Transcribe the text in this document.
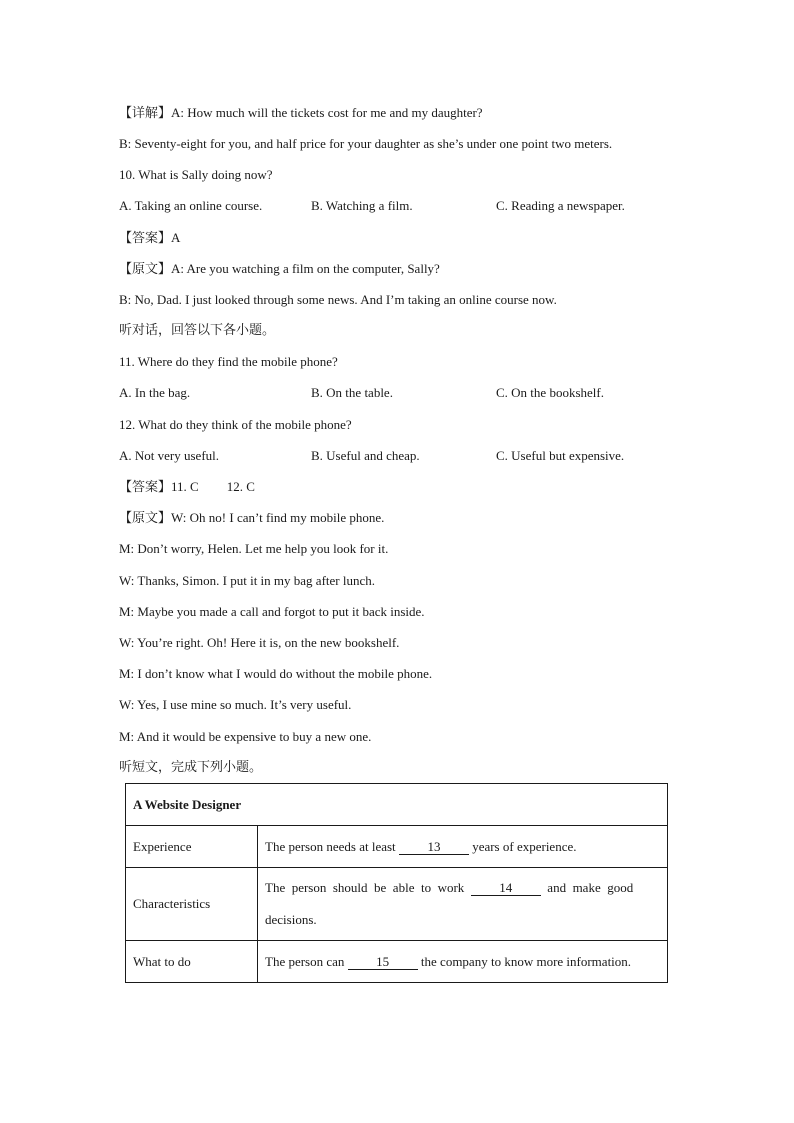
【详解】A: How much will the tickets cost for me and my daughter?
B: Seventy-eight for you, and half price for your daughter as she’s under one point two meters.
10. What is Sally doing now?
A. Taking an online course.	B. Watching a film.	C. Reading a newspaper.
【答案】A
【原文】A: Are you watching a film on the computer, Sally?
B: No, Dad. I just looked through some news. And I’m taking an online course now.
听对话，回答以下各小题。
11. Where do they find the mobile phone?
A. In the bag.	B. On the table.	C. On the bookshelf.
12. What do they think of the mobile phone?
A. Not very useful.	B. Useful and cheap.	C. Useful but expensive.
【答案】11. C 12. C
【原文】W: Oh no! I can’t find my mobile phone.
M: Don’t worry, Helen. Let me help you look for it.
W: Thanks, Simon. I put it in my bag after lunch.
M: Maybe you made a call and forgot to put it back inside.
W: You’re right. Oh! Here it is, on the new bookshelf.
M: I don’t know what I would do without the mobile phone.
W: Yes, I use mine so much. It’s very useful.
M: And it would be expensive to buy a new one.
听短文，完成下列小题。
A Website Designer	
Experience	The person needs at least 13 years of experience.
Characteristics	The  person  should  be  able  to  work  14  and  make  good
decisions.

What to do	The person can 15 the company to know more information.
